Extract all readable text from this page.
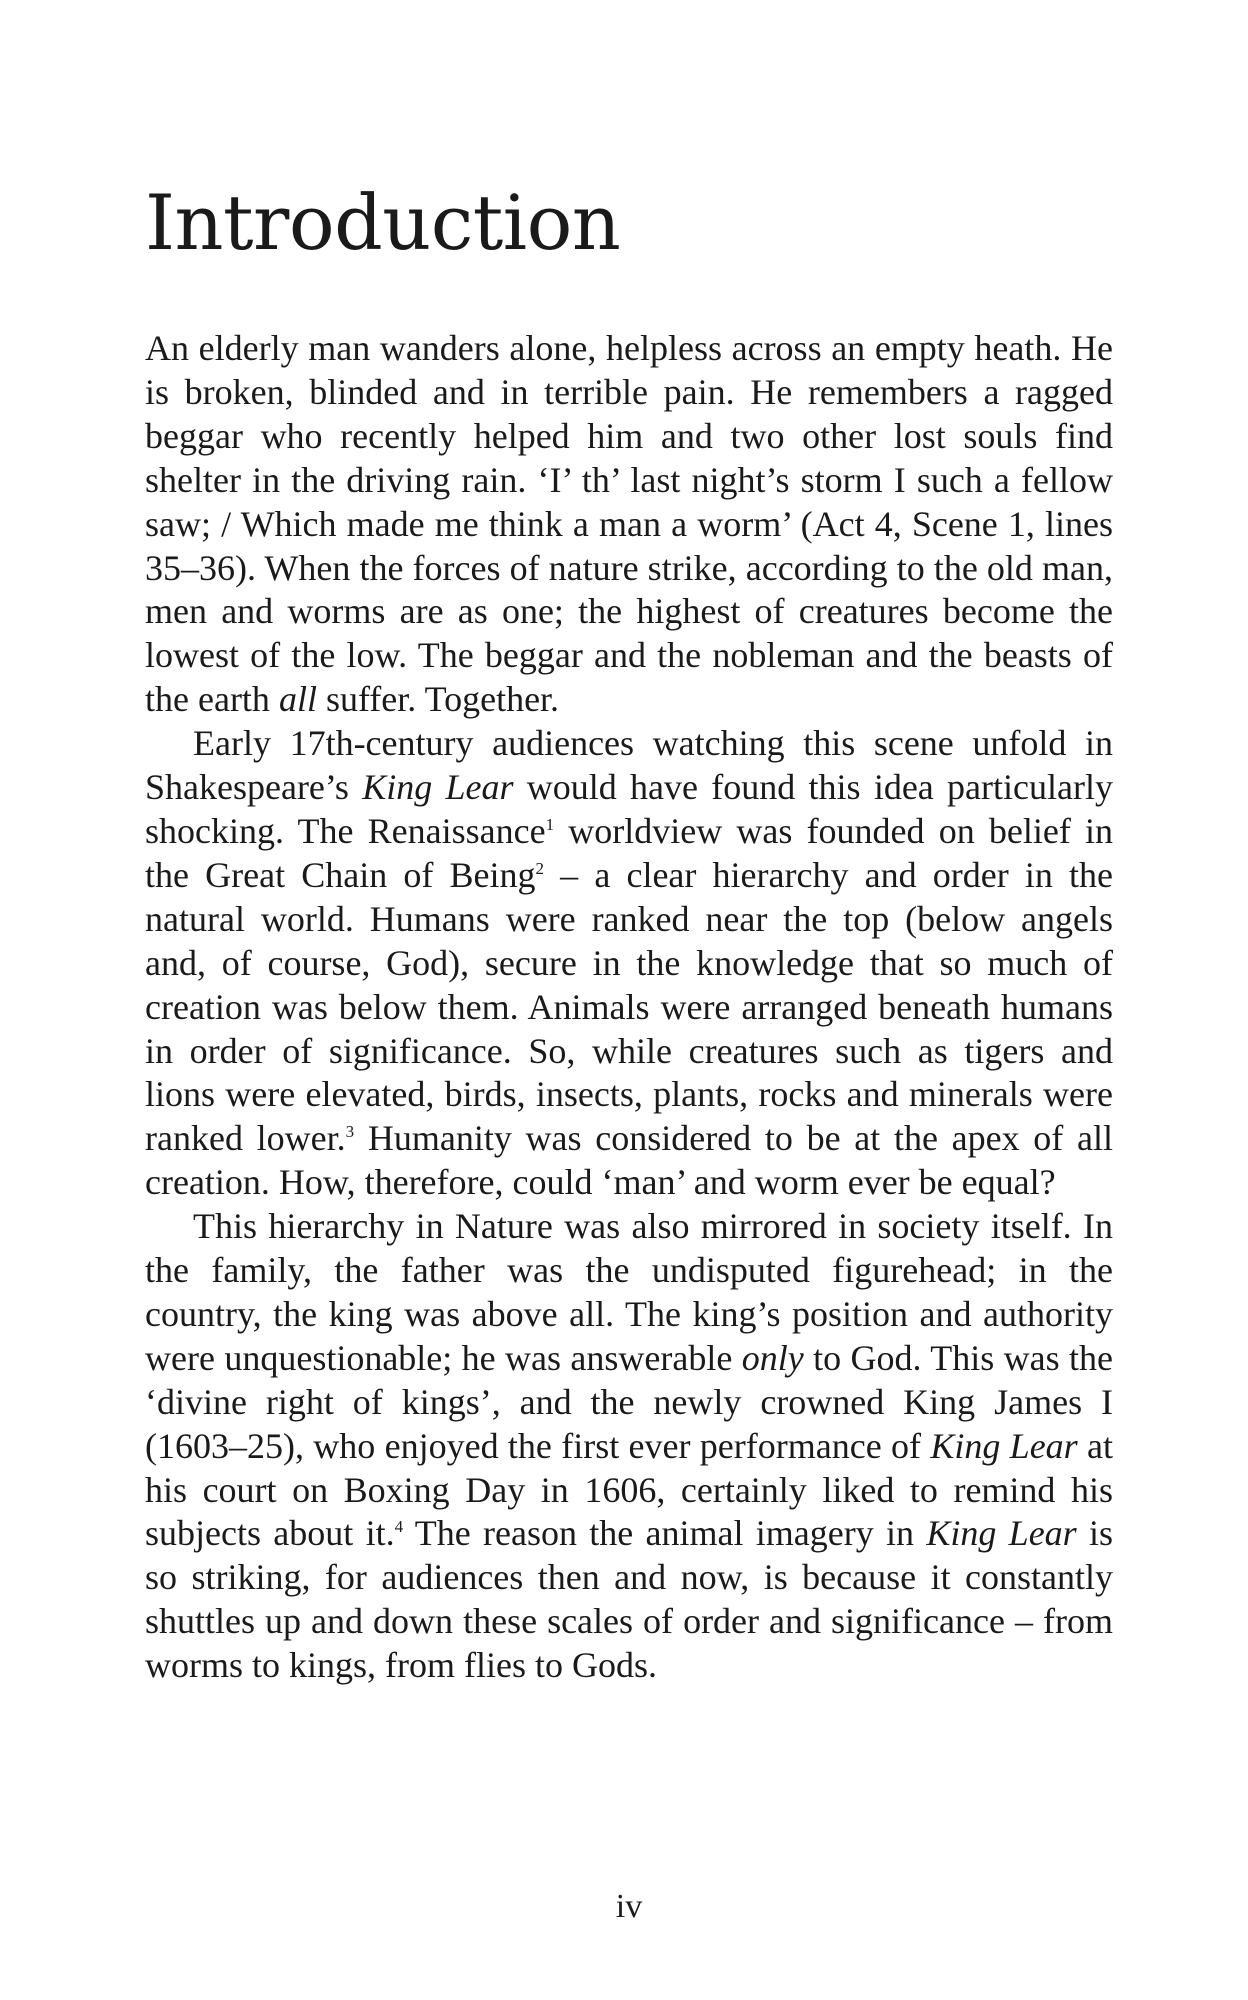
Introduction

An elderly man wanders alone, helpless across an empty heath. He is broken, blinded and in terrible pain. He remembers a ragged beggar who recently helped him and two other lost souls find shelter in the driving rain. ‘I’ th’ last night’s storm I such a fellow saw; / Which made me think a man a worm’ (Act 4, Scene 1, lines 35–36). When the forces of nature strike, according to the old man, men and worms are as one; the highest of creatures become the lowest of the low. The beggar and the nobleman and the beasts of the earth all suffer. Together.

Early 17th-century audiences watching this scene unfold in Shakespeare’s King Lear would have found this idea particularly shocking. The Renaissance$^1$ worldview was founded on belief in the Great Chain of Being$^2$ – a clear hierarchy and order in the natural world. Humans were ranked near the top (below angels and, of course, God), secure in the knowledge that so much of creation was below them. Animals were arranged beneath humans in order of significance. So, while creatures such as tigers and lions were elevated, birds, insects, plants, rocks and minerals were ranked lower.$^3$ Humanity was considered to be at the apex of all creation. How, therefore, could ‘man’ and worm ever be equal?

This hierarchy in Nature was also mirrored in society itself. In the family, the father was the undisputed figurehead; in the country, the king was above all. The king’s position and authority were unquestionable; he was answerable only to God. This was the ‘divine right of kings’, and the newly crowned King James I (1603–25), who enjoyed the first ever performance of King Lear at his court on Boxing Day in 1606, certainly liked to remind his subjects about it.$^4$ The reason the animal imagery in King Lear is so striking, for audiences then and now, is because it constantly shuttles up and down these scales of order and significance – from worms to kings, from flies to Gods.

iv
